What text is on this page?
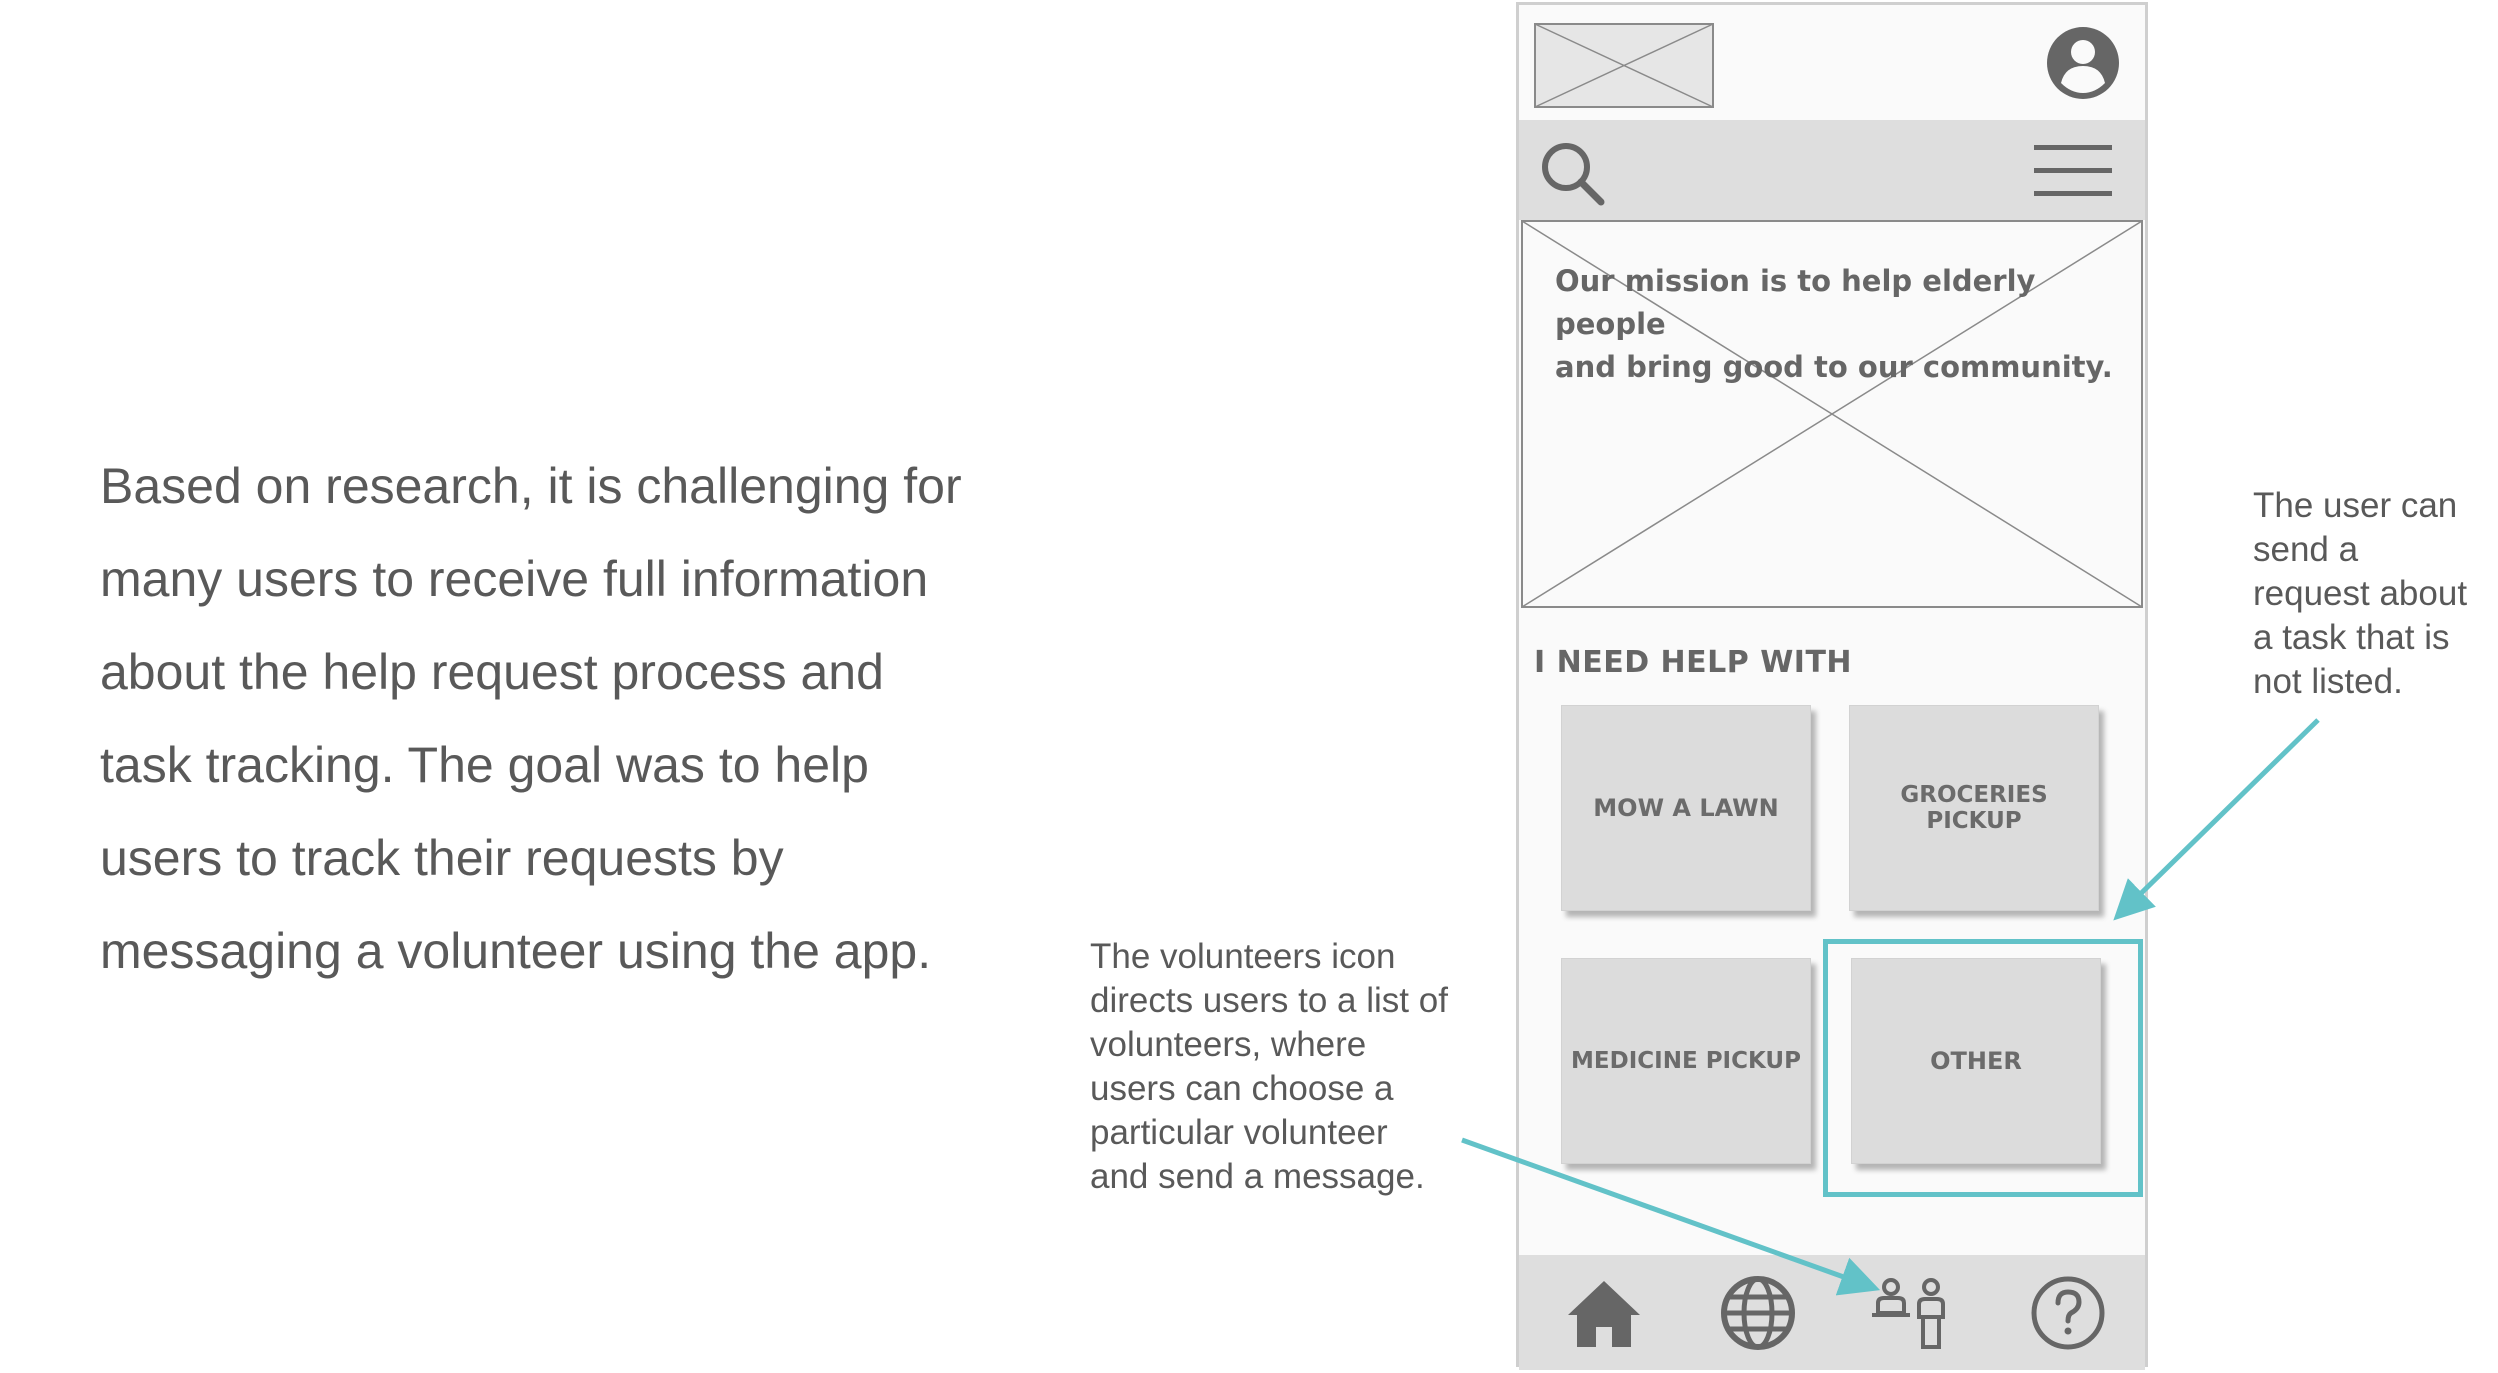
Based on research, it is challenging for
many users to receive full information
about the help request process and
task tracking. The goal was to help
users to track their requests by
messaging a volunteer using the app.	The volunteers icon
directs users to a list of
volunteers, where
users can choose a
particular volunteer
and send a message.
The user can
send a
request about
a task that is
not listed.
Our mission is to help elderly people
and bring good to our community.
I NEED HELP WITH
MOW A LAWN	GROCERIES PICKUP
MEDICINE PICKUP	OTHER
